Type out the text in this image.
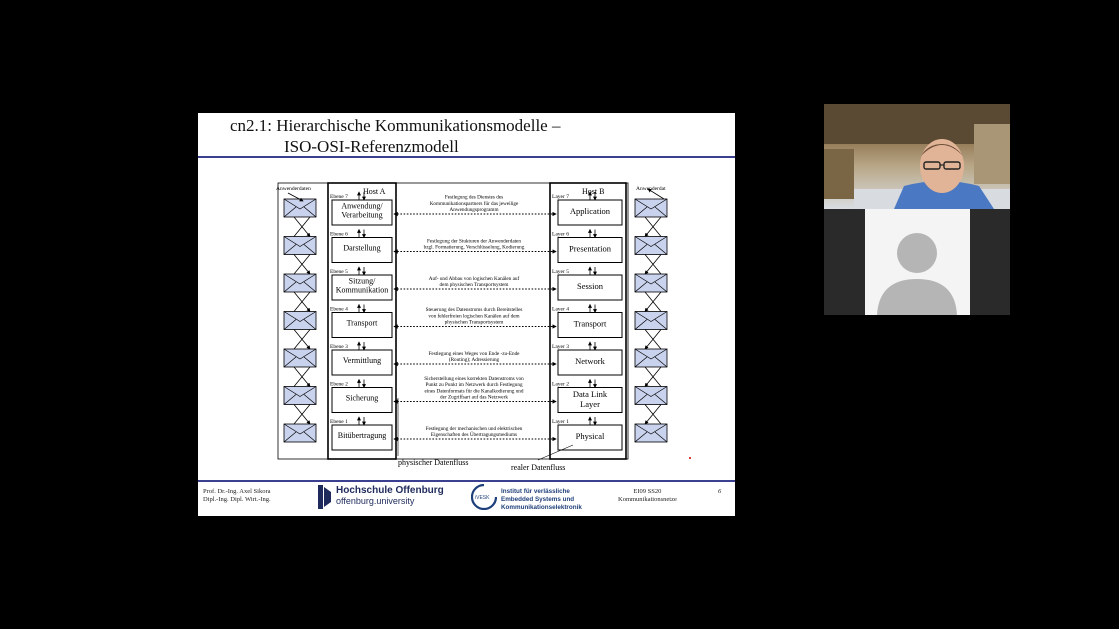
cn2.1: Hierarchische Kommunikationsmodelle –
ISO-OSI-Referenzmodell
Host A	Host B
Anwenderdaten	Anwenderdat
Ebene 7	Layer 7
Anwendung/
Verarbeitung	Application
Festlegung des Dienstes des
Kommunikationspartners für das jeweilige
Anwendungsprogramm
Ebene 6	Layer 6
Darstellung	Presentation
Festlegung der Stukturen der Anwenderdaten
bzgl. Formatierung, Verschlüsselung, Kodierung
Ebene 5	Layer 5
Sitzung/
Kommunikation	Session
Auf- und Abbau von logischen Kanälen auf
dem physischen Transportsystem
Ebene 4	Layer 4
Transport	Transport
Steuerung des Datenstroms durch Bereitstelles
von fehlerfreien logischen Kanälen auf dem
physischen Transportsystem
Ebene 3	Layer 3
Vermittlung	Network
Festlegung eines Weges von Ende -zu-Ende
(Routing); Adressierung
Ebene 2	Layer 2
Sicherung	Data Link
Layer
Sicherstellung eines korrekten Datenstroms von
Punkt zu Punkt im Netzwerk durch Festlegung
eines Datenformats für die Kanalkodierung und
der Zugriffsart auf das Netzwerk
Ebene 1	Layer 1
Bitübertragung	Physical
Festlegung der mechanischen und elektrischen
Eigenschaften des Übertragungsmediums
physischer Datenfluss
realer Datenfluss
Prof. Dr.-Ing. Axel Sikora
Dipl.-Ing. Dipl. Wirt.-Ing.
Hochschule Offenburg
offenburg.university	iVESK
Institut für verlässliche
Embedded Systems und
Kommunikationselektronik
EI09 SS20
Kommunikationsnetze
6
